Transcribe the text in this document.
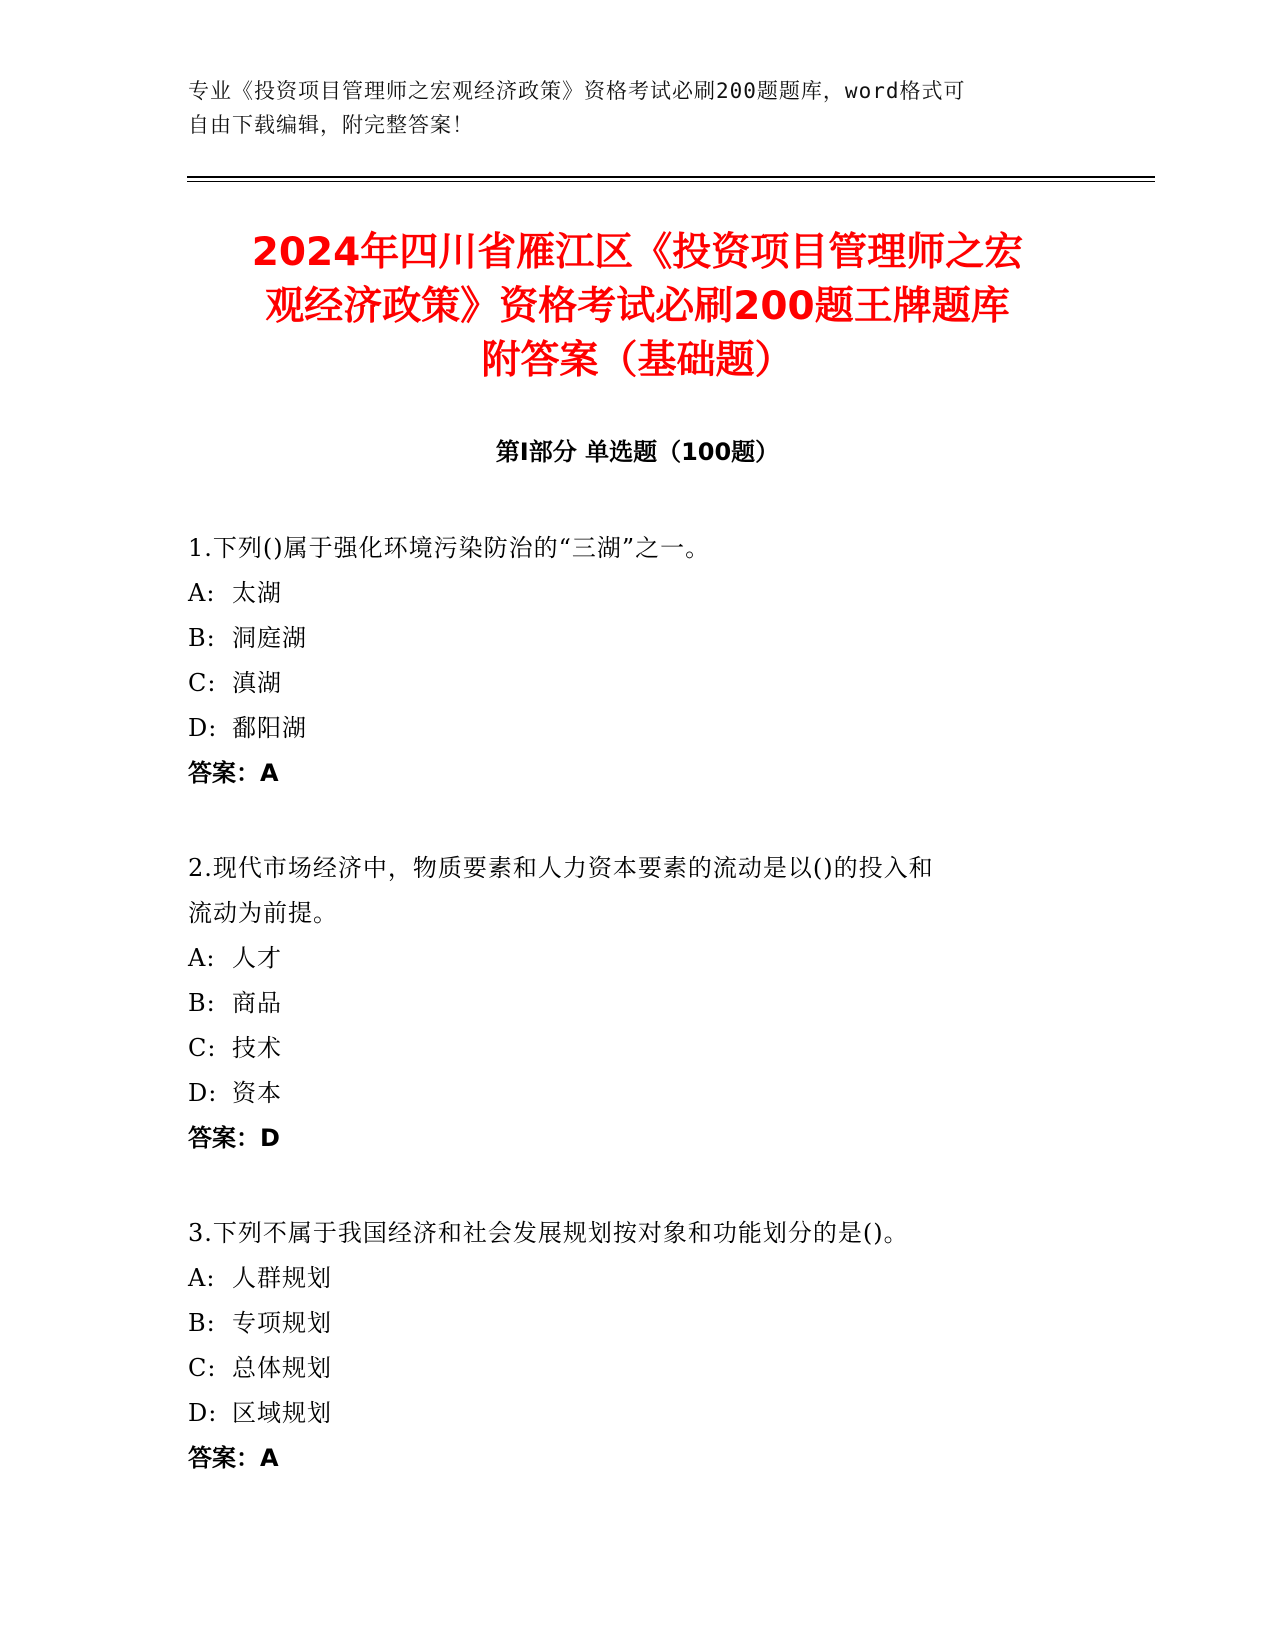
专业《投资项目管理师之宏观经济政策》资格考试必刷200题题库，word格式可
自由下载编辑，附完整答案！
2024年四川省雁江区《投资项目管理师之宏
观经济政策》资格考试必刷200题王牌题库
附答案（基础题）
第Ⅰ部分 单选题（100题）

1.下列()属于强化环境污染防治的“三湖”之一。

A: 太湖

B: 洞庭湖

C: 滇湖

D: 鄱阳湖

答案：A

2.现代市场经济中，物质要素和人力资本要素的流动是以()的投入和

流动为前提。

A: 人才

B: 商品

C: 技术

D: 资本

答案：D

3.下列不属于我国经济和社会发展规划按对象和功能划分的是()。

A: 人群规划

B: 专项规划

C: 总体规划

D: 区域规划

答案：A
